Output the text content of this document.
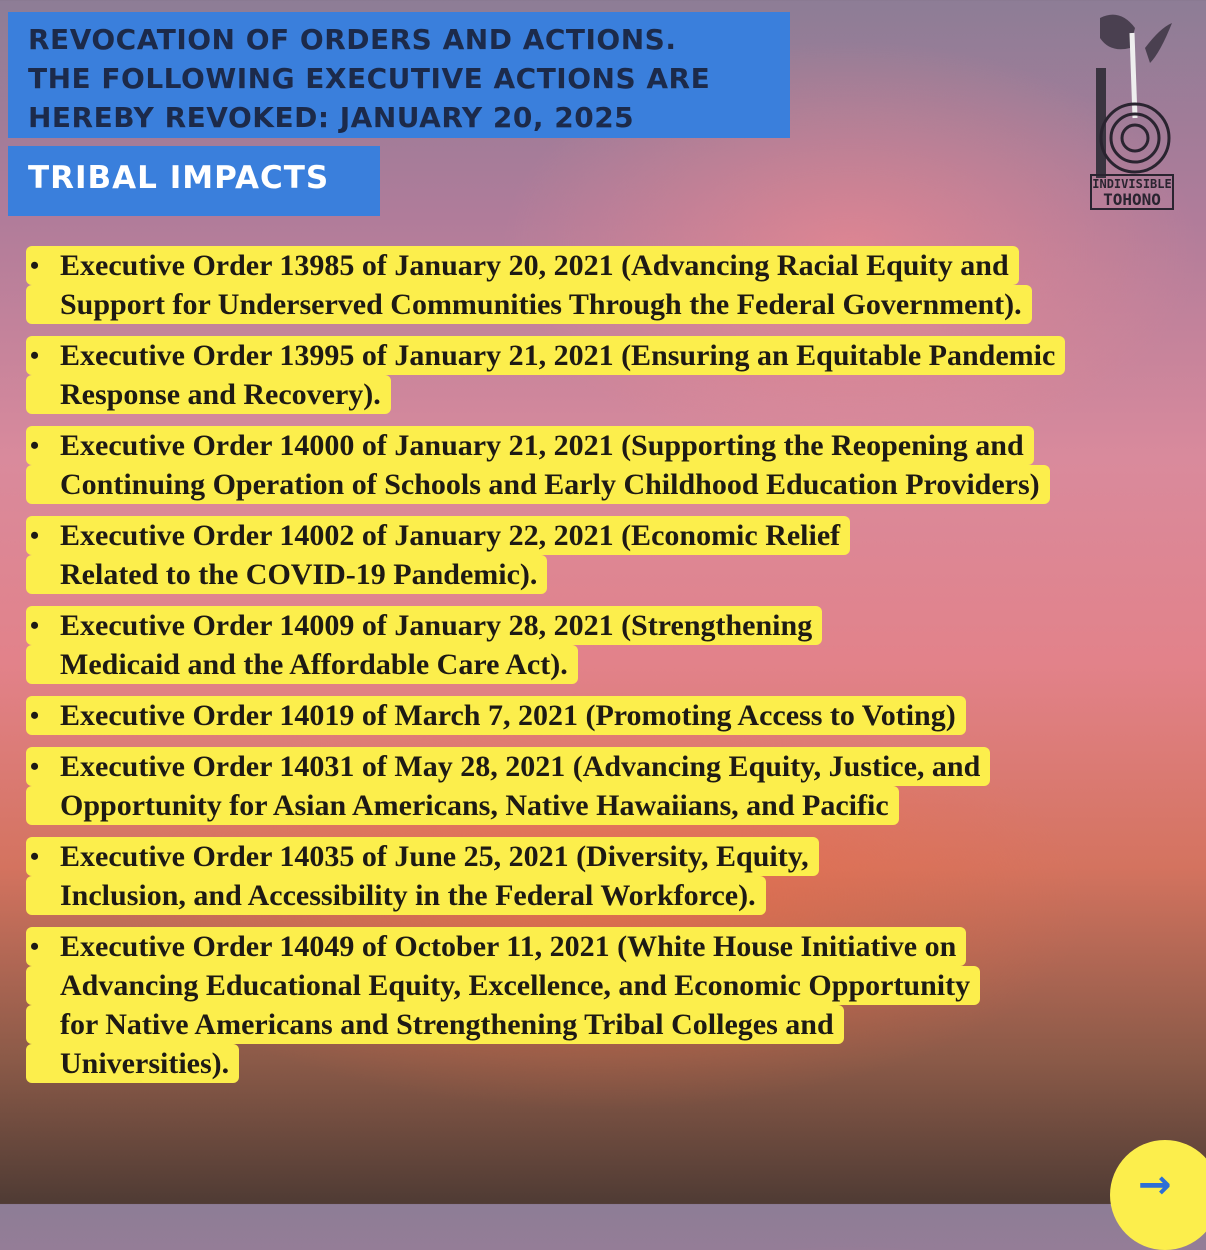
REVOCATION OF ORDERS AND ACTIONS.
THE FOLLOWING EXECUTIVE ACTIONS ARE
HEREBY REVOKED: JANUARY 20, 2025
TRIBAL IMPACTS	INDIVISIBLE
TOHONO
• Executive Order 13985 of January 20, 2021 (Advancing Racial Equity and
Support for Underserved Communities Through the Federal Government).
• Executive Order 13995 of January 21, 2021 (Ensuring an Equitable Pandemic
Response and Recovery).
• Executive Order 14000 of January 21, 2021 (Supporting the Reopening and
Continuing Operation of Schools and Early Childhood Education Providers)
• Executive Order 14002 of January 22, 2021 (Economic Relief
Related to the COVID-19 Pandemic).
• Executive Order 14009 of January 28, 2021 (Strengthening
Medicaid and the Affordable Care Act).
• Executive Order 14019 of March 7, 2021 (Promoting Access to Voting)
• Executive Order 14031 of May 28, 2021 (Advancing Equity, Justice, and
Opportunity for Asian Americans, Native Hawaiians, and Pacific
• Executive Order 14035 of June 25, 2021 (Diversity, Equity,
Inclusion, and Accessibility in the Federal Workforce).
• Executive Order 14049 of October 11, 2021 (White House Initiative on
Advancing Educational Equity, Excellence, and Economic Opportunity
for Native Americans and Strengthening Tribal Colleges and
Universities).
→
